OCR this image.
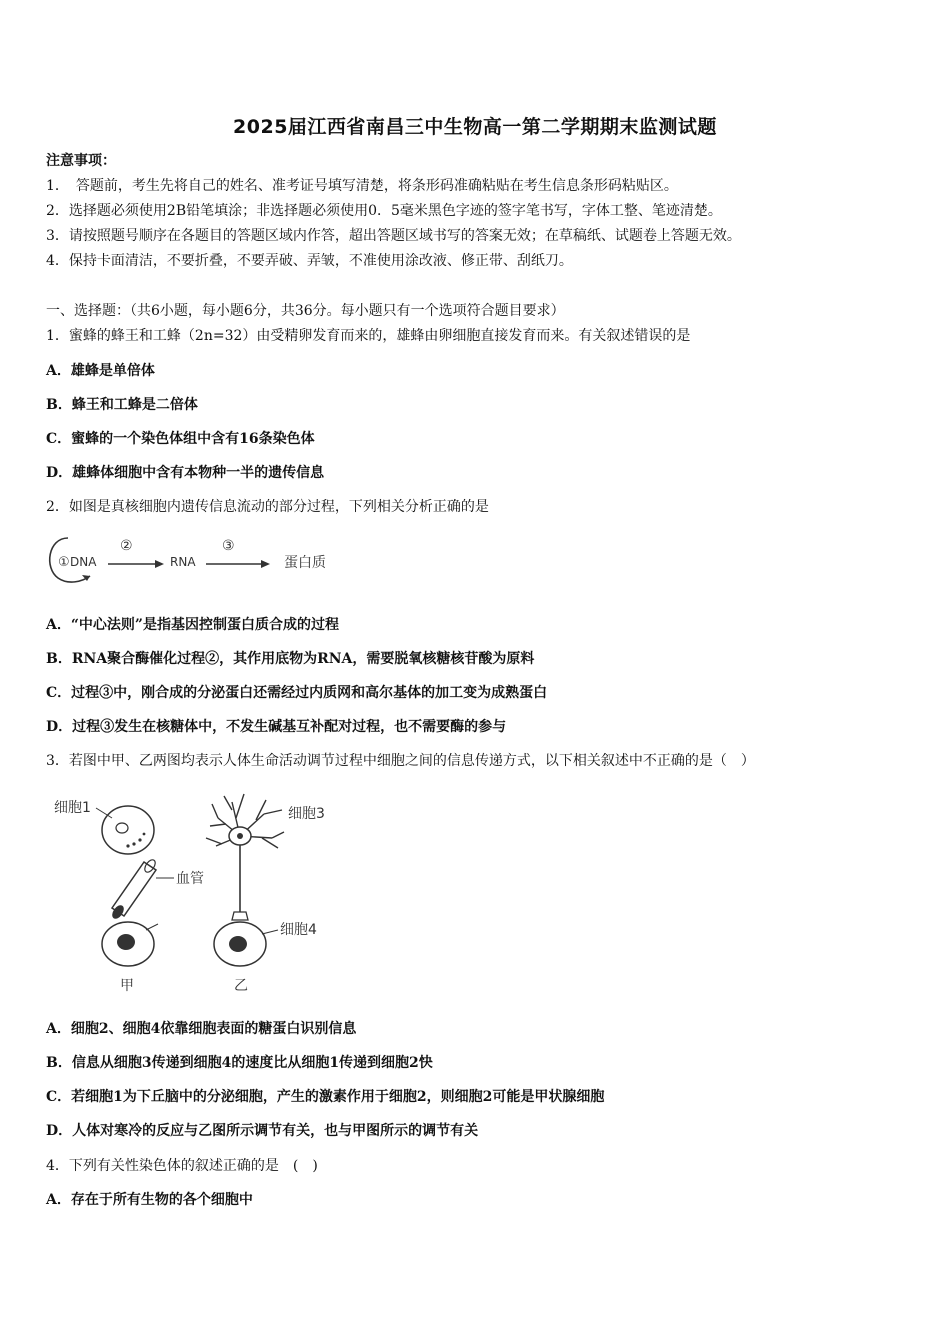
2025届江西省南昌三中生物高一第二学期期末监测试题
注意事项：
1．　答题前，考生先将自己的姓名、准考证号填写清楚，将条形码准确粘贴在考生信息条形码粘贴区。
2．选择题必须使用2B铅笔填涂；非选择题必须使用0．5毫米黑色字迹的签字笔书写，字体工整、笔迹清楚。
3．请按照题号顺序在各题目的答题区域内作答，超出答题区域书写的答案无效；在草稿纸、试题卷上答题无效。
4．保持卡面清洁，不要折叠，不要弄破、弄皱，不准使用涂改液、修正带、刮纸刀。
一、选择题：（共6小题，每小题6分，共36分。每小题只有一个选项符合题目要求）
1．蜜蜂的蜂王和工蜂（2n=32）由受精卵发育而来的，雄蜂由卵细胞直接发育而来。有关叙述错误的是
A．雄蜂是单倍体
B．蜂王和工蜂是二倍体
C．蜜蜂的一个染色体组中含有16条染色体
D．雄蜂体细胞中含有本物种一半的遗传信息
2．如图是真核细胞内遗传信息流动的部分过程，下列相关分析正确的是
① DNA
②
RNA
③
蛋白质
A．“中心法则”是指基因控制蛋白质合成的过程
B．RNA聚合酶催化过程②，其作用底物为RNA，需要脱氧核糖核苷酸为原料
C．过程③中，刚合成的分泌蛋白还需经过内质网和高尔基体的加工变为成熟蛋白
D．过程③发生在核糖体中，不发生碱基互补配对过程，也不需要酶的参与
3．若图中甲、乙两图均表示人体生命活动调节过程中细胞之间的信息传递方式，以下相关叙述中不正确的是（　）
细胞1
血管
甲
细胞3
细胞4
乙
A．细胞2、细胞4依靠细胞表面的糖蛋白识别信息
B．信息从细胞3传递到细胞4的速度比从细胞1传递到细胞2快
C．若细胞1为下丘脑中的分泌细胞，产生的激素作用于细胞2，则细胞2可能是甲状腺细胞
D．人体对寒冷的反应与乙图所示调节有关，也与甲图所示的调节有关
4．下列有关性染色体的叙述正确的是　(　)
A．存在于所有生物的各个细胞中
